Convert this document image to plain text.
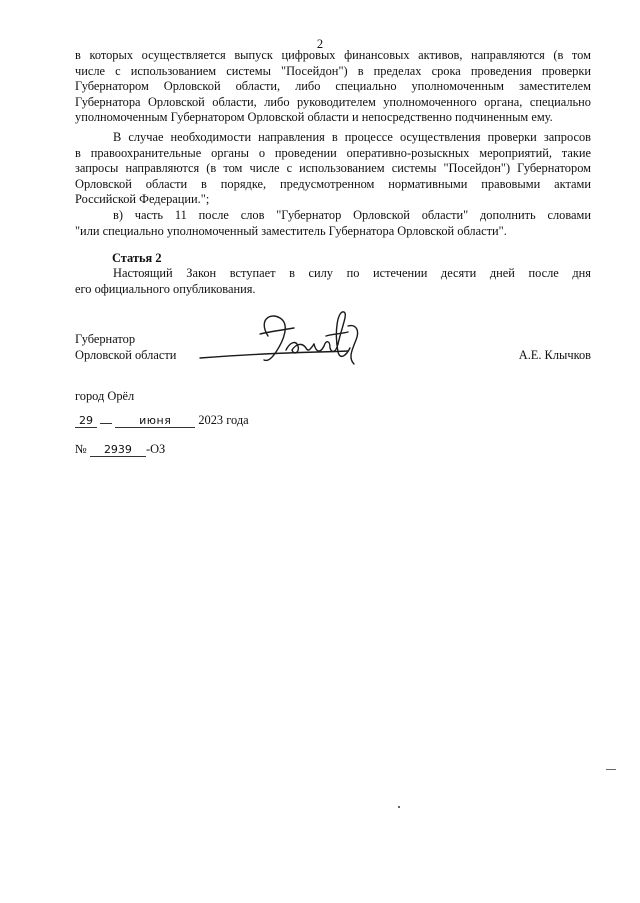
2
в которых осуществляется выпуск цифровых финансовых активов, направляются (в том
числе с использованием системы "Посейдон") в пределах срока проведения проверки
Губернатором Орловской области, либо специально уполномоченным заместителем
Губернатора Орловской области, либо руководителем уполномоченного органа, специально
уполномоченным Губернатором Орловской области и непосредственно подчиненным ему.
В случае необходимости направления в процессе осуществления проверки запросов
в правоохранительные органы о проведении оперативно-розыскных мероприятий, такие
запросы направляются (в том числе с использованием системы "Посейдон") Губернатором
Орловской области в порядке, предусмотренном нормативными правовыми актами
Российской Федерации.";
в) часть 11 после слов "Губернатор Орловской области" дополнить словами
"или специально уполномоченный заместитель Губернатора Орловской области".
Статья 2
Настоящий Закон вступает в силу по истечении десяти дней после дня
его официального опубликования.
Губернатор
Орловской области	А.Е. Клычков
город Орёл
29	июня 2023 года
№ 2939 -ОЗ
